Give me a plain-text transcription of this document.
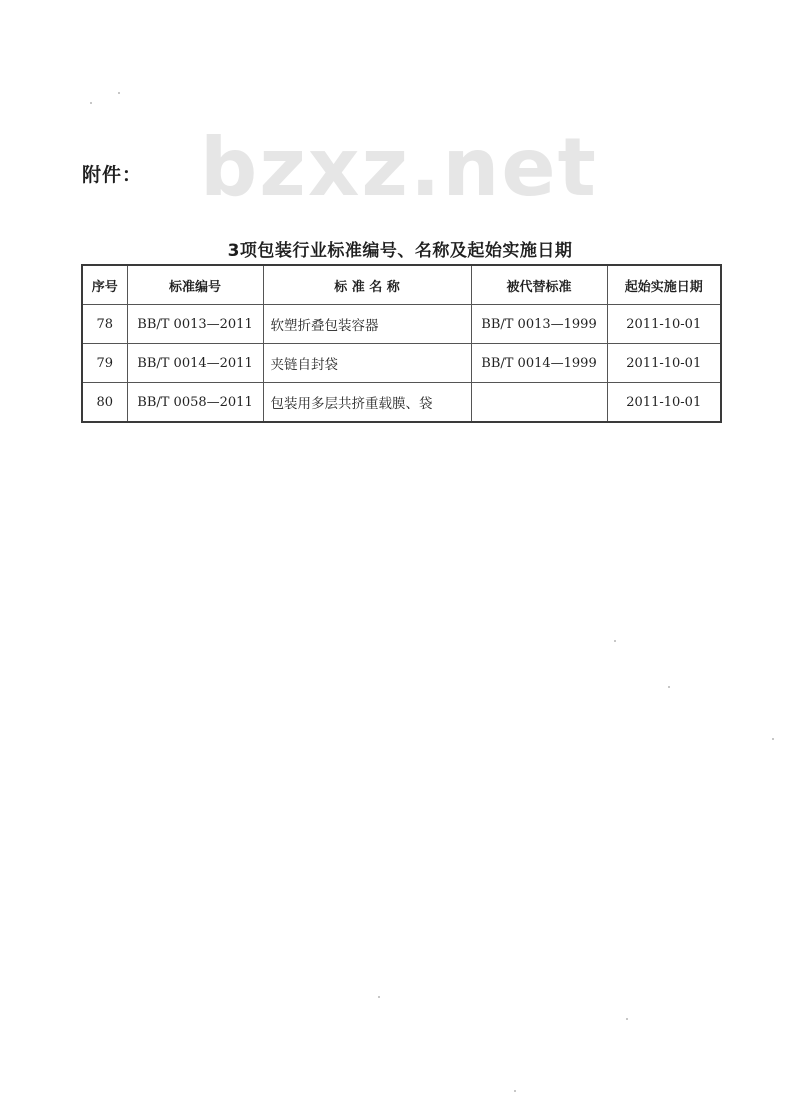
bzxz.net
附件：
3项包装行业标准编号、名称及起始实施日期
序号	标准编号	标 准 名 称	被代替标准	起始实施日期
78	BB/T 0013—2011	软塑折叠包装容器	BB/T 0013—1999	2011-10-01
79	BB/T 0014—2011	夹链自封袋	BB/T 0014—1999	2011-10-01
80	BB/T 0058—2011	包装用多层共挤重载膜、袋		2011-10-01
